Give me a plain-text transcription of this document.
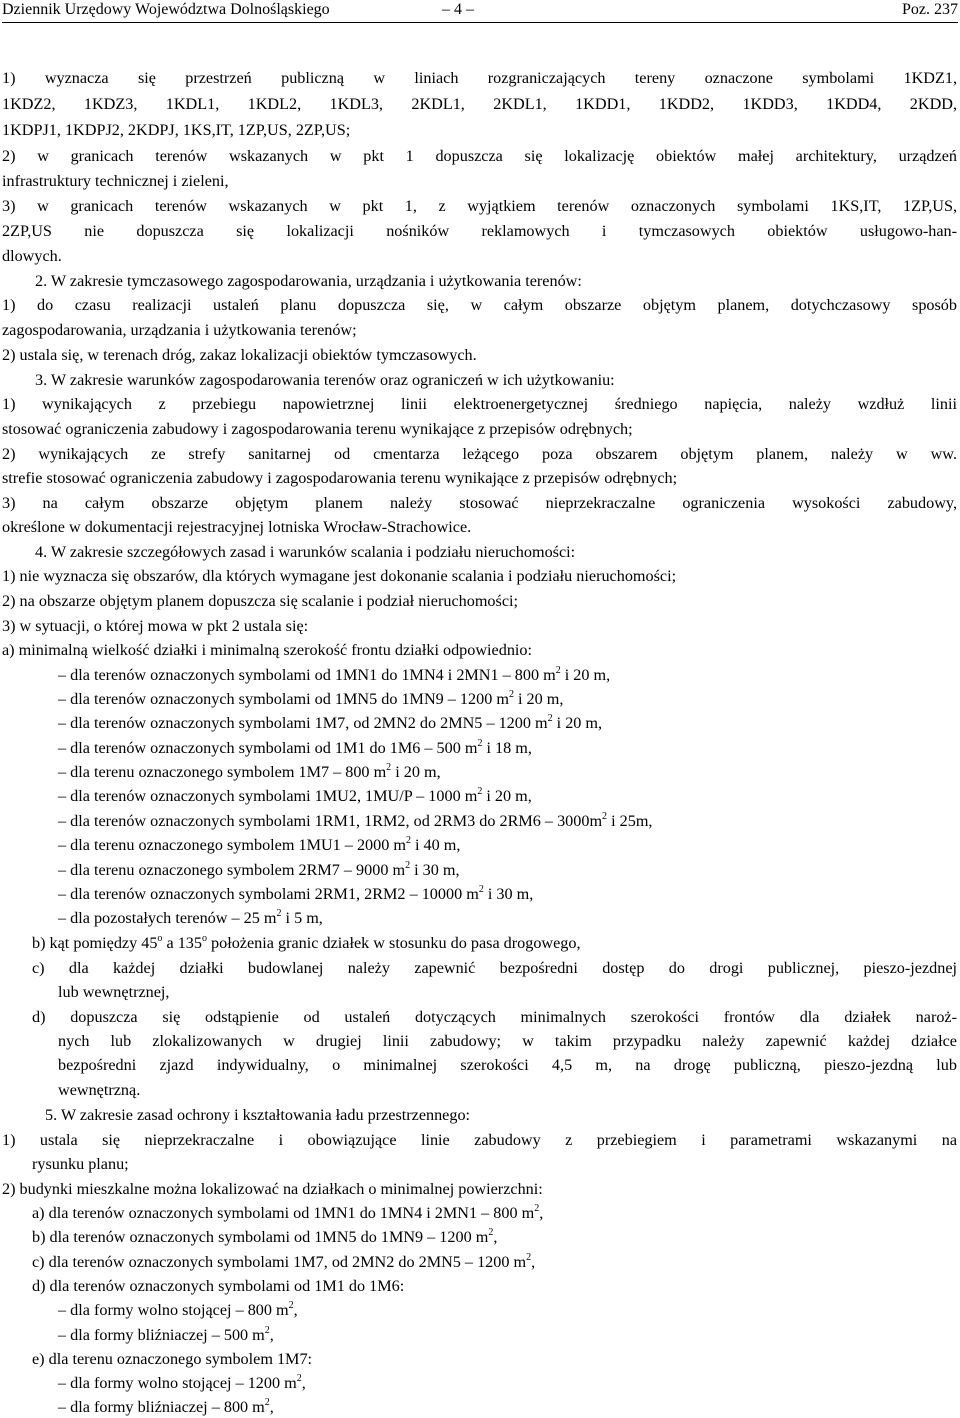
Dziennik Urzędowy Województwa Dolnośląskiego	– 4 –	Poz. 237
1) wyznacza się przestrzeń publiczną w liniach rozgraniczających tereny oznaczone symbolami 1KDZ1,
1KDZ2, 1KDZ3, 1KDL1, 1KDL2, 1KDL3, 2KDL1, 2KDL1, 1KDD1, 1KDD2, 1KDD3, 1KDD4, 2KDD,
1KDPJ1, 1KDPJ2, 2KDPJ, 1KS,IT, 1ZP,US, 2ZP,US;
2) w granicach terenów wskazanych w pkt 1 dopuszcza się lokalizację obiektów małej architektury, urządzeń
infrastruktury technicznej i zieleni,
3) w granicach terenów wskazanych w pkt 1, z wyjątkiem terenów oznaczonych symbolami 1KS,IT, 1ZP,US,
2ZP,US nie dopuszcza się lokalizacji nośników reklamowych i tymczasowych obiektów usługowo-han-
dlowych.
2. W zakresie tymczasowego zagospodarowania, urządzania i użytkowania terenów:
1) do czasu realizacji ustaleń planu dopuszcza się, w całym obszarze objętym planem, dotychczasowy sposób
zagospodarowania, urządzania i użytkowania terenów;
2) ustala się, w terenach dróg, zakaz lokalizacji obiektów tymczasowych.
3. W zakresie warunków zagospodarowania terenów oraz ograniczeń w ich użytkowaniu:
1) wynikających z przebiegu napowietrznej linii elektroenergetycznej średniego napięcia, należy wzdłuż linii
stosować ograniczenia zabudowy i zagospodarowania terenu wynikające z przepisów odrębnych;
2) wynikających ze strefy sanitarnej od cmentarza leżącego poza obszarem objętym planem, należy w ww.
strefie stosować ograniczenia zabudowy i zagospodarowania terenu wynikające z przepisów odrębnych;
3) na całym obszarze objętym planem należy stosować nieprzekraczalne ograniczenia wysokości zabudowy,
określone w dokumentacji rejestracyjnej lotniska Wrocław-Strachowice.
4. W zakresie szczegółowych zasad i warunków scalania i podziału nieruchomości:
1) nie wyznacza się obszarów, dla których wymagane jest dokonanie scalania i podziału nieruchomości;
2) na obszarze objętym planem dopuszcza się scalanie i podział nieruchomości;
3) w sytuacji, o której mowa w pkt 2 ustala się:
a) minimalną wielkość działki i minimalną szerokość frontu działki odpowiednio:
– dla terenów oznaczonych symbolami od 1MN1 do 1MN4 i 2MN1 – 800 $m^2$ i 20 m,
– dla terenów oznaczonych symbolami od 1MN5 do 1MN9 – 1200 $m^2$ i 20 m,
– dla terenów oznaczonych symbolami 1M7, od 2MN2 do 2MN5 – 1200 $m^2$ i 20 m,
– dla terenów oznaczonych symbolami od 1M1 do 1M6 – 500 $m^2$ i 18 m,
– dla terenu oznaczonego symbolem 1M7 – 800 $m^2$ i 20 m,
– dla terenów oznaczonych symbolami 1MU2, 1MU/P – 1000 $m^2$ i 20 m,
– dla terenów oznaczonych symbolami 1RM1, 1RM2, od 2RM3 do $2RM6 - 3000m^2$ i 25m,
– dla terenu oznaczonego symbolem 1MU1 – 2000 $m^2$ i 40 m,
– dla terenu oznaczonego symbolem 2RM7 – 9000 $m^2$ i 30 m,
– dla terenów oznaczonych symbolami 2RM1, 2RM2 – 10000 $m^2$ i 30 m,
– dla pozostałych terenów – 25 $m^2$ i 5 m,
b) kąt pomiędzy 45$^o$ a 135$^o$ położenia granic działek w stosunku do pasa drogowego,
c) dla każdej działki budowlanej należy zapewnić bezpośredni dostęp do drogi publicznej, pieszo-jezdnej
lub wewnętrznej,
d) dopuszcza się odstąpienie od ustaleń dotyczących minimalnych szerokości frontów dla działek naroż-
nych lub zlokalizowanych w drugiej linii zabudowy; w takim przypadku należy zapewnić każdej działce
bezpośredni zjazd indywidualny, o minimalnej szerokości 4,5 m, na drogę publiczną, pieszo-jezdną lub
wewnętrzną.
5. W zakresie zasad ochrony i kształtowania ładu przestrzennego:
1) ustala się nieprzekraczalne i obowiązujące linie zabudowy z przebiegiem i parametrami wskazanymi na
rysunku planu;
2) budynki mieszkalne można lokalizować na działkach o minimalnej powierzchni:
a) dla terenów oznaczonych symbolami od 1MN1 do 1MN4 i 2MN1 – 800 $m^2$,
b) dla terenów oznaczonych symbolami od 1MN5 do 1MN9 – 1200 $m^2$,
c) dla terenów oznaczonych symbolami 1M7, od 2MN2 do 2MN5 – 1200 $m^2$,
d) dla terenów oznaczonych symbolami od 1M1 do 1M6:
– dla formy wolno stojącej – 800 $m^2$,
– dla formy bliźniaczej – 500 $m^2$,
e) dla terenu oznaczonego symbolem 1M7:
– dla formy wolno stojącej – 1200 $m^2$,
– dla formy bliźniaczej – 800 $m^2$,
